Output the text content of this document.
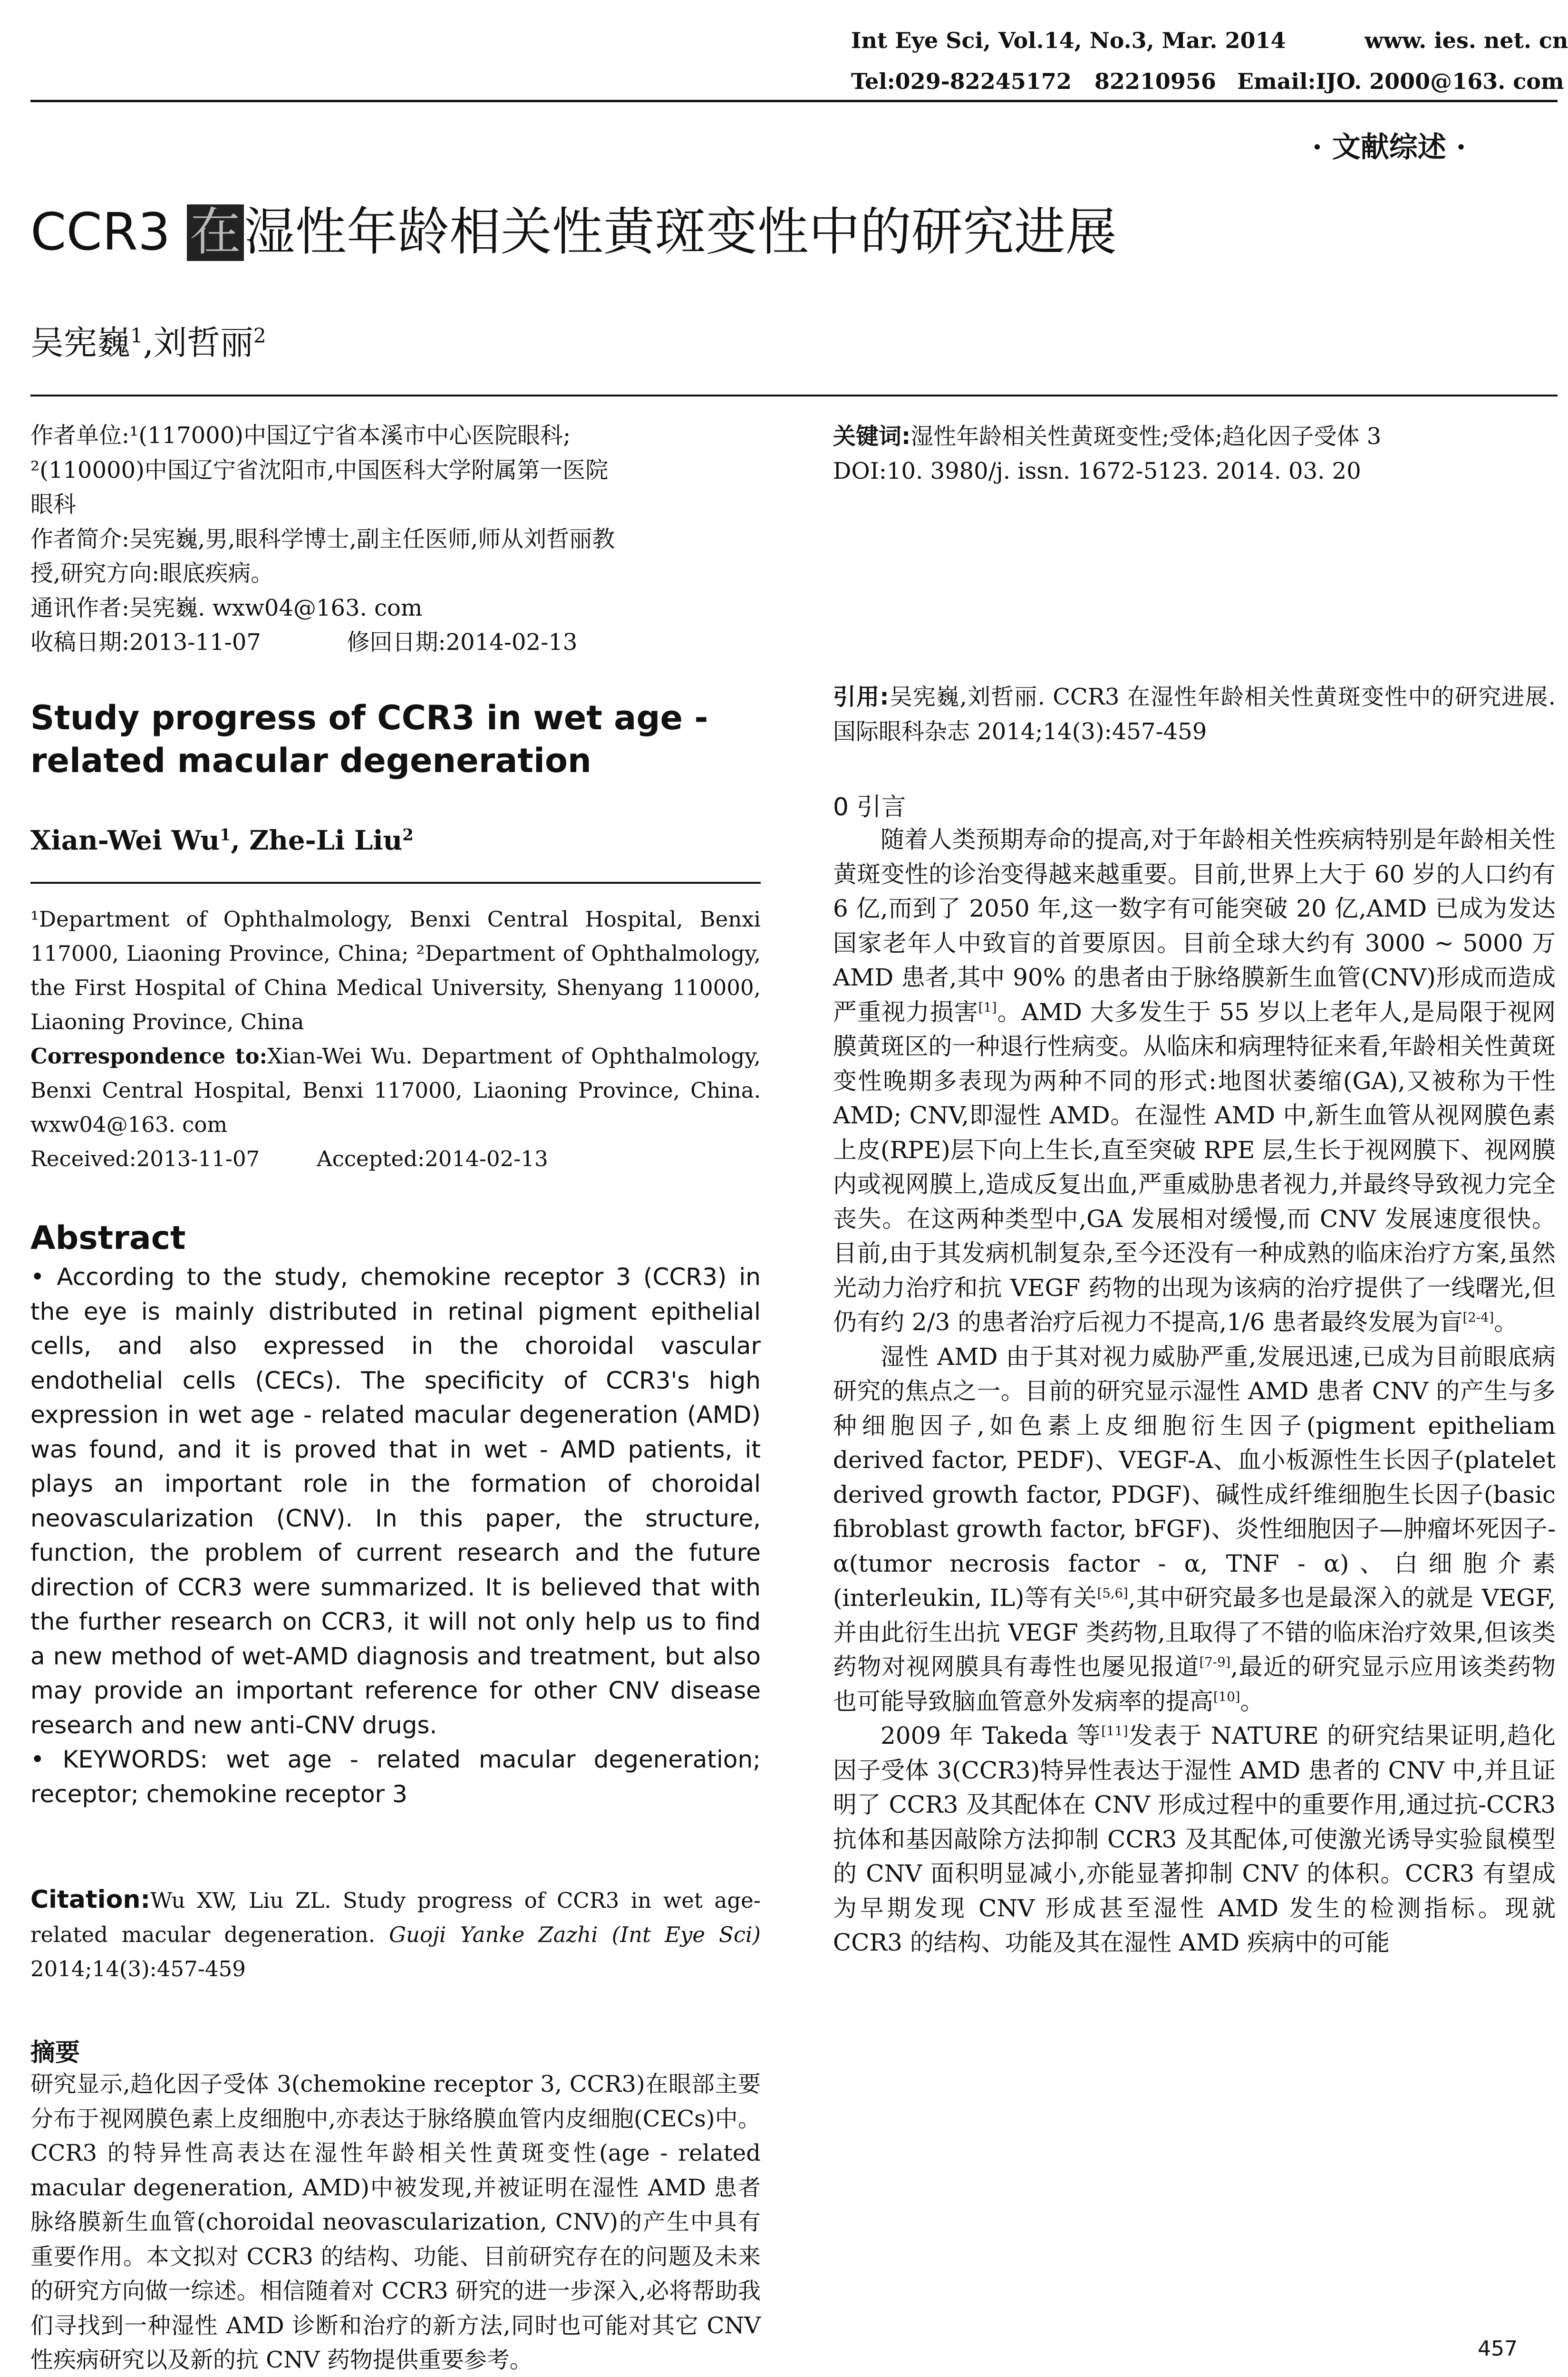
Int Eye Sci, Vol.14, No.3, Mar. 2014	www. ies. net. cn
Tel:029-82245172   82210956 Email:IJO. 2000@163. com
· 文献综述 ·
CCR3 在湿性年龄相关性黄斑变性中的研究进展
吴宪巍$^1$,刘哲丽$^2$
作者单位:¹(117000)中国辽宁省本溪市中心医院眼科;
²(110000)中国辽宁省沈阳市,中国医科大学附属第一医院
眼科
作者简介:吴宪巍,男,眼科学博士,副主任医师,师从刘哲丽教
授,研究方向:眼底疾病。
通讯作者:吴宪巍. wxw04@163. com
收稿日期:2013-11-07	修回日期:2014-02-13
Study progress of CCR3 in wet age -
related macular degeneration
Xian-Wei Wu$^1$, Zhe-Li Liu$^2$

¹Department of Ophthalmology, Benxi Central Hospital, Benxi 117000, Liaoning Province, China; ²Department of Ophthalmology, the First Hospital of China Medical University, Shenyang 110000, Liaoning Province, China

Correspondence to:Xian-Wei Wu. Department of Ophthalmology, Benxi Central Hospital, Benxi 117000, Liaoning Province, China. wxw04@163. com

Received:2013-11-07	Accepted:2014-02-13

Abstract

• According to the study, chemokine receptor 3 (CCR3) in the eye is mainly distributed in retinal pigment epithelial cells, and also expressed in the choroidal vascular endothelial cells (CECs). The specificity of CCR3's high expression in wet age - related macular degeneration (AMD) was found, and it is proved that in wet - AMD patients, it plays an important role in the formation of choroidal neovascularization (CNV). In this paper, the structure, function, the problem of current research and the future direction of CCR3 were summarized. It is believed that with the further research on CCR3, it will not only help us to find a new method of wet-AMD diagnosis and treatment, but also may provide an important reference for other CNV disease research and new anti-CNV drugs.

• KEYWORDS: wet age - related macular degeneration; receptor; chemokine receptor 3

Citation:Wu XW, Liu ZL. Study progress of CCR3 in wet age-related macular degeneration. Guoji Yanke Zazhi (Int Eye Sci) 2014;14(3):457-459

摘要

研究显示,趋化因子受体 3(chemokine receptor 3, CCR3)在眼部主要分布于视网膜色素上皮细胞中,亦表达于脉络膜血管内皮细胞(CECs)中。CCR3 的特异性高表达在湿性年龄相关性黄斑变性(age - related macular degeneration, AMD)中被发现,并被证明在湿性 AMD 患者脉络膜新生血管(choroidal neovascularization, CNV)的产生中具有重要作用。本文拟对 CCR3 的结构、功能、目前研究存在的问题及未来的研究方向做一综述。相信随着对 CCR3 研究的进一步深入,必将帮助我们寻找到一种湿性 AMD 诊断和治疗的新方法,同时也可能对其它 CNV 性疾病研究以及新的抗 CNV 药物提供重要参考。

关键词:湿性年龄相关性黄斑变性;受体;趋化因子受体 3

DOI:10. 3980/j. issn. 1672-5123. 2014. 03. 20

引用:吴宪巍,刘哲丽. CCR3 在湿性年龄相关性黄斑变性中的研究进展. 国际眼科杂志 2014;14(3):457-459

0 引言

随着人类预期寿命的提高,对于年龄相关性疾病特别是年龄相关性黄斑变性的诊治变得越来越重要。目前,世界上大于 60 岁的人口约有 6 亿,而到了 2050 年,这一数字有可能突破 20 亿,AMD 已成为发达国家老年人中致盲的首要原因。目前全球大约有 3000 ~ 5000 万 AMD 患者,其中 90% 的患者由于脉络膜新生血管(CNV)形成而造成严重视力损害[1]。AMD 大多发生于 55 岁以上老年人,是局限于视网膜黄斑区的一种退行性病变。从临床和病理特征来看,年龄相关性黄斑变性晚期多表现为两种不同的形式:地图状萎缩(GA),又被称为干性 AMD; CNV,即湿性 AMD。在湿性 AMD 中,新生血管从视网膜色素上皮(RPE)层下向上生长,直至突破 RPE 层,生长于视网膜下、视网膜内或视网膜上,造成反复出血,严重威胁患者视力,并最终导致视力完全丧失。在这两种类型中,GA 发展相对缓慢,而 CNV 发展速度很快。目前,由于其发病机制复杂,至今还没有一种成熟的临床治疗方案,虽然光动力治疗和抗 VEGF 药物的出现为该病的治疗提供了一线曙光,但仍有约 2/3 的患者治疗后视力不提高,1/6 患者最终发展为盲[2-4]。

湿性 AMD 由于其对视力威胁严重,发展迅速,已成为目前眼底病研究的焦点之一。目前的研究显示湿性 AMD 患者 CNV 的产生与多种细胞因子,如色素上皮细胞衍生因子(pigment epitheliam derived factor, PEDF)、VEGF-A、血小板源性生长因子(platelet derived growth factor, PDGF)、碱性成纤维细胞生长因子(basic fibroblast growth factor, bFGF)、炎性细胞因子—肿瘤坏死因子-α(tumor necrosis factor - α, TNF - α)、白细胞介素(interleukin, IL)等有关[5,6],其中研究最多也是最深入的就是 VEGF,并由此衍生出抗 VEGF 类药物,且取得了不错的临床治疗效果,但该类药物对视网膜具有毒性也屡见报道[7-9],最近的研究显示应用该类药物也可能导致脑血管意外发病率的提高[10]。

2009 年 Takeda 等[11]发表于 NATURE 的研究结果证明,趋化因子受体 3(CCR3)特异性表达于湿性 AMD 患者的 CNV 中,并且证明了 CCR3 及其配体在 CNV 形成过程中的重要作用,通过抗-CCR3 抗体和基因敲除方法抑制 CCR3 及其配体,可使激光诱导实验鼠模型的 CNV 面积明显减小,亦能显著抑制 CNV 的体积。CCR3 有望成为早期发现 CNV 形成甚至湿性 AMD 发生的检测指标。现就 CCR3 的结构、功能及其在湿性 AMD 疾病中的可能

457
